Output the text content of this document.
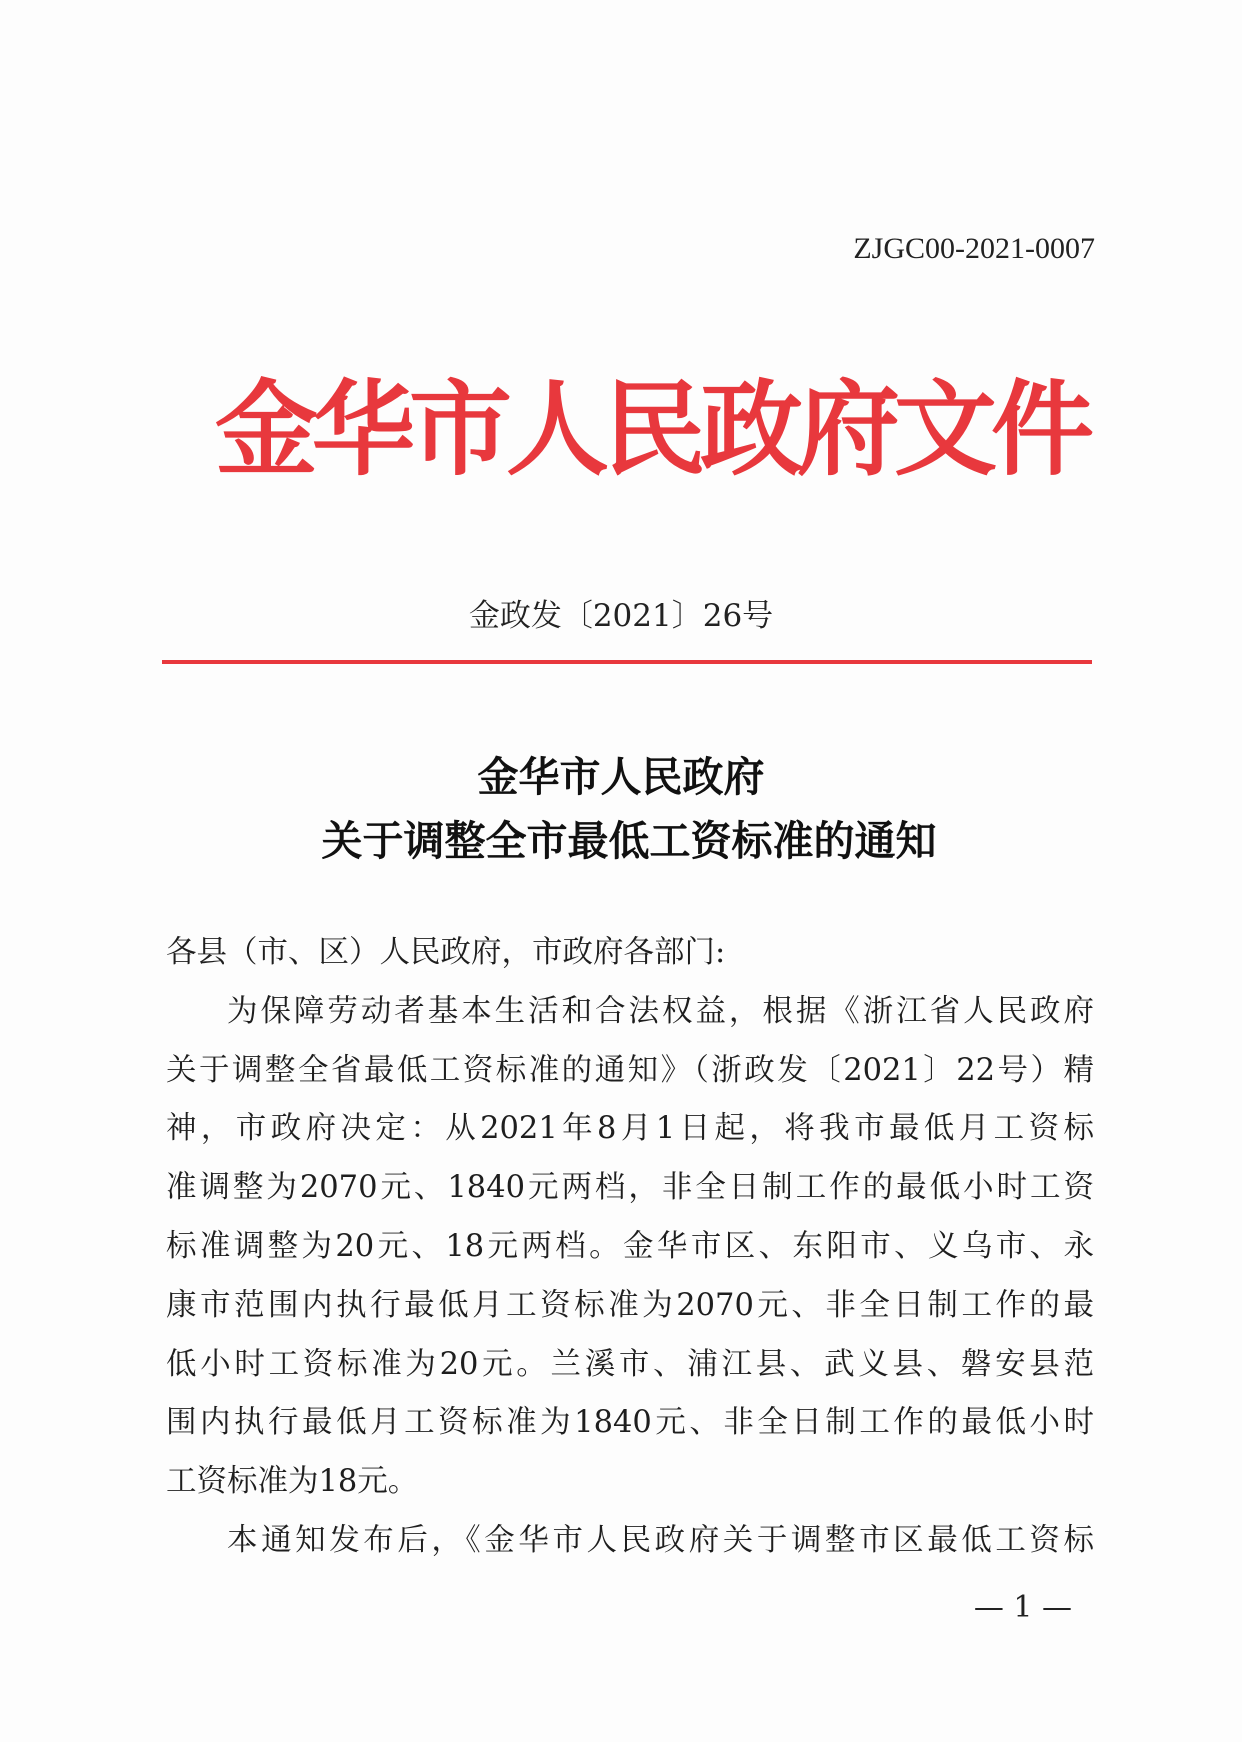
ZJGC00-2021-0007
金华市人民政府文件
金政发〔2021〕26号
金华市人民政府
关于调整全市最低工资标准的通知

各县（市、区）人民政府，市政府各部门:

为保障劳动者基本生活和合法权益，根据《浙江省人民政府
关于调整全省最低工资标准的通知》（浙政发〔2021〕22号）精
神，市政府决定：从2021年8月1日起，将我市最低月工资标
准调整为2070元、1840元两档，非全日制工作的最低小时工资
标准调整为20元、18元两档。金华市区、东阳市、义乌市、永
康市范围内执行最低月工资标准为2070元、非全日制工作的最
低小时工资标准为20元。兰溪市、浦江县、武义县、磐安县范
围内执行最低月工资标准为1840元、非全日制工作的最低小时
工资标准为18元。

本通知发布后，《金华市人民政府关于调整市区最低工资标

— 1 —
